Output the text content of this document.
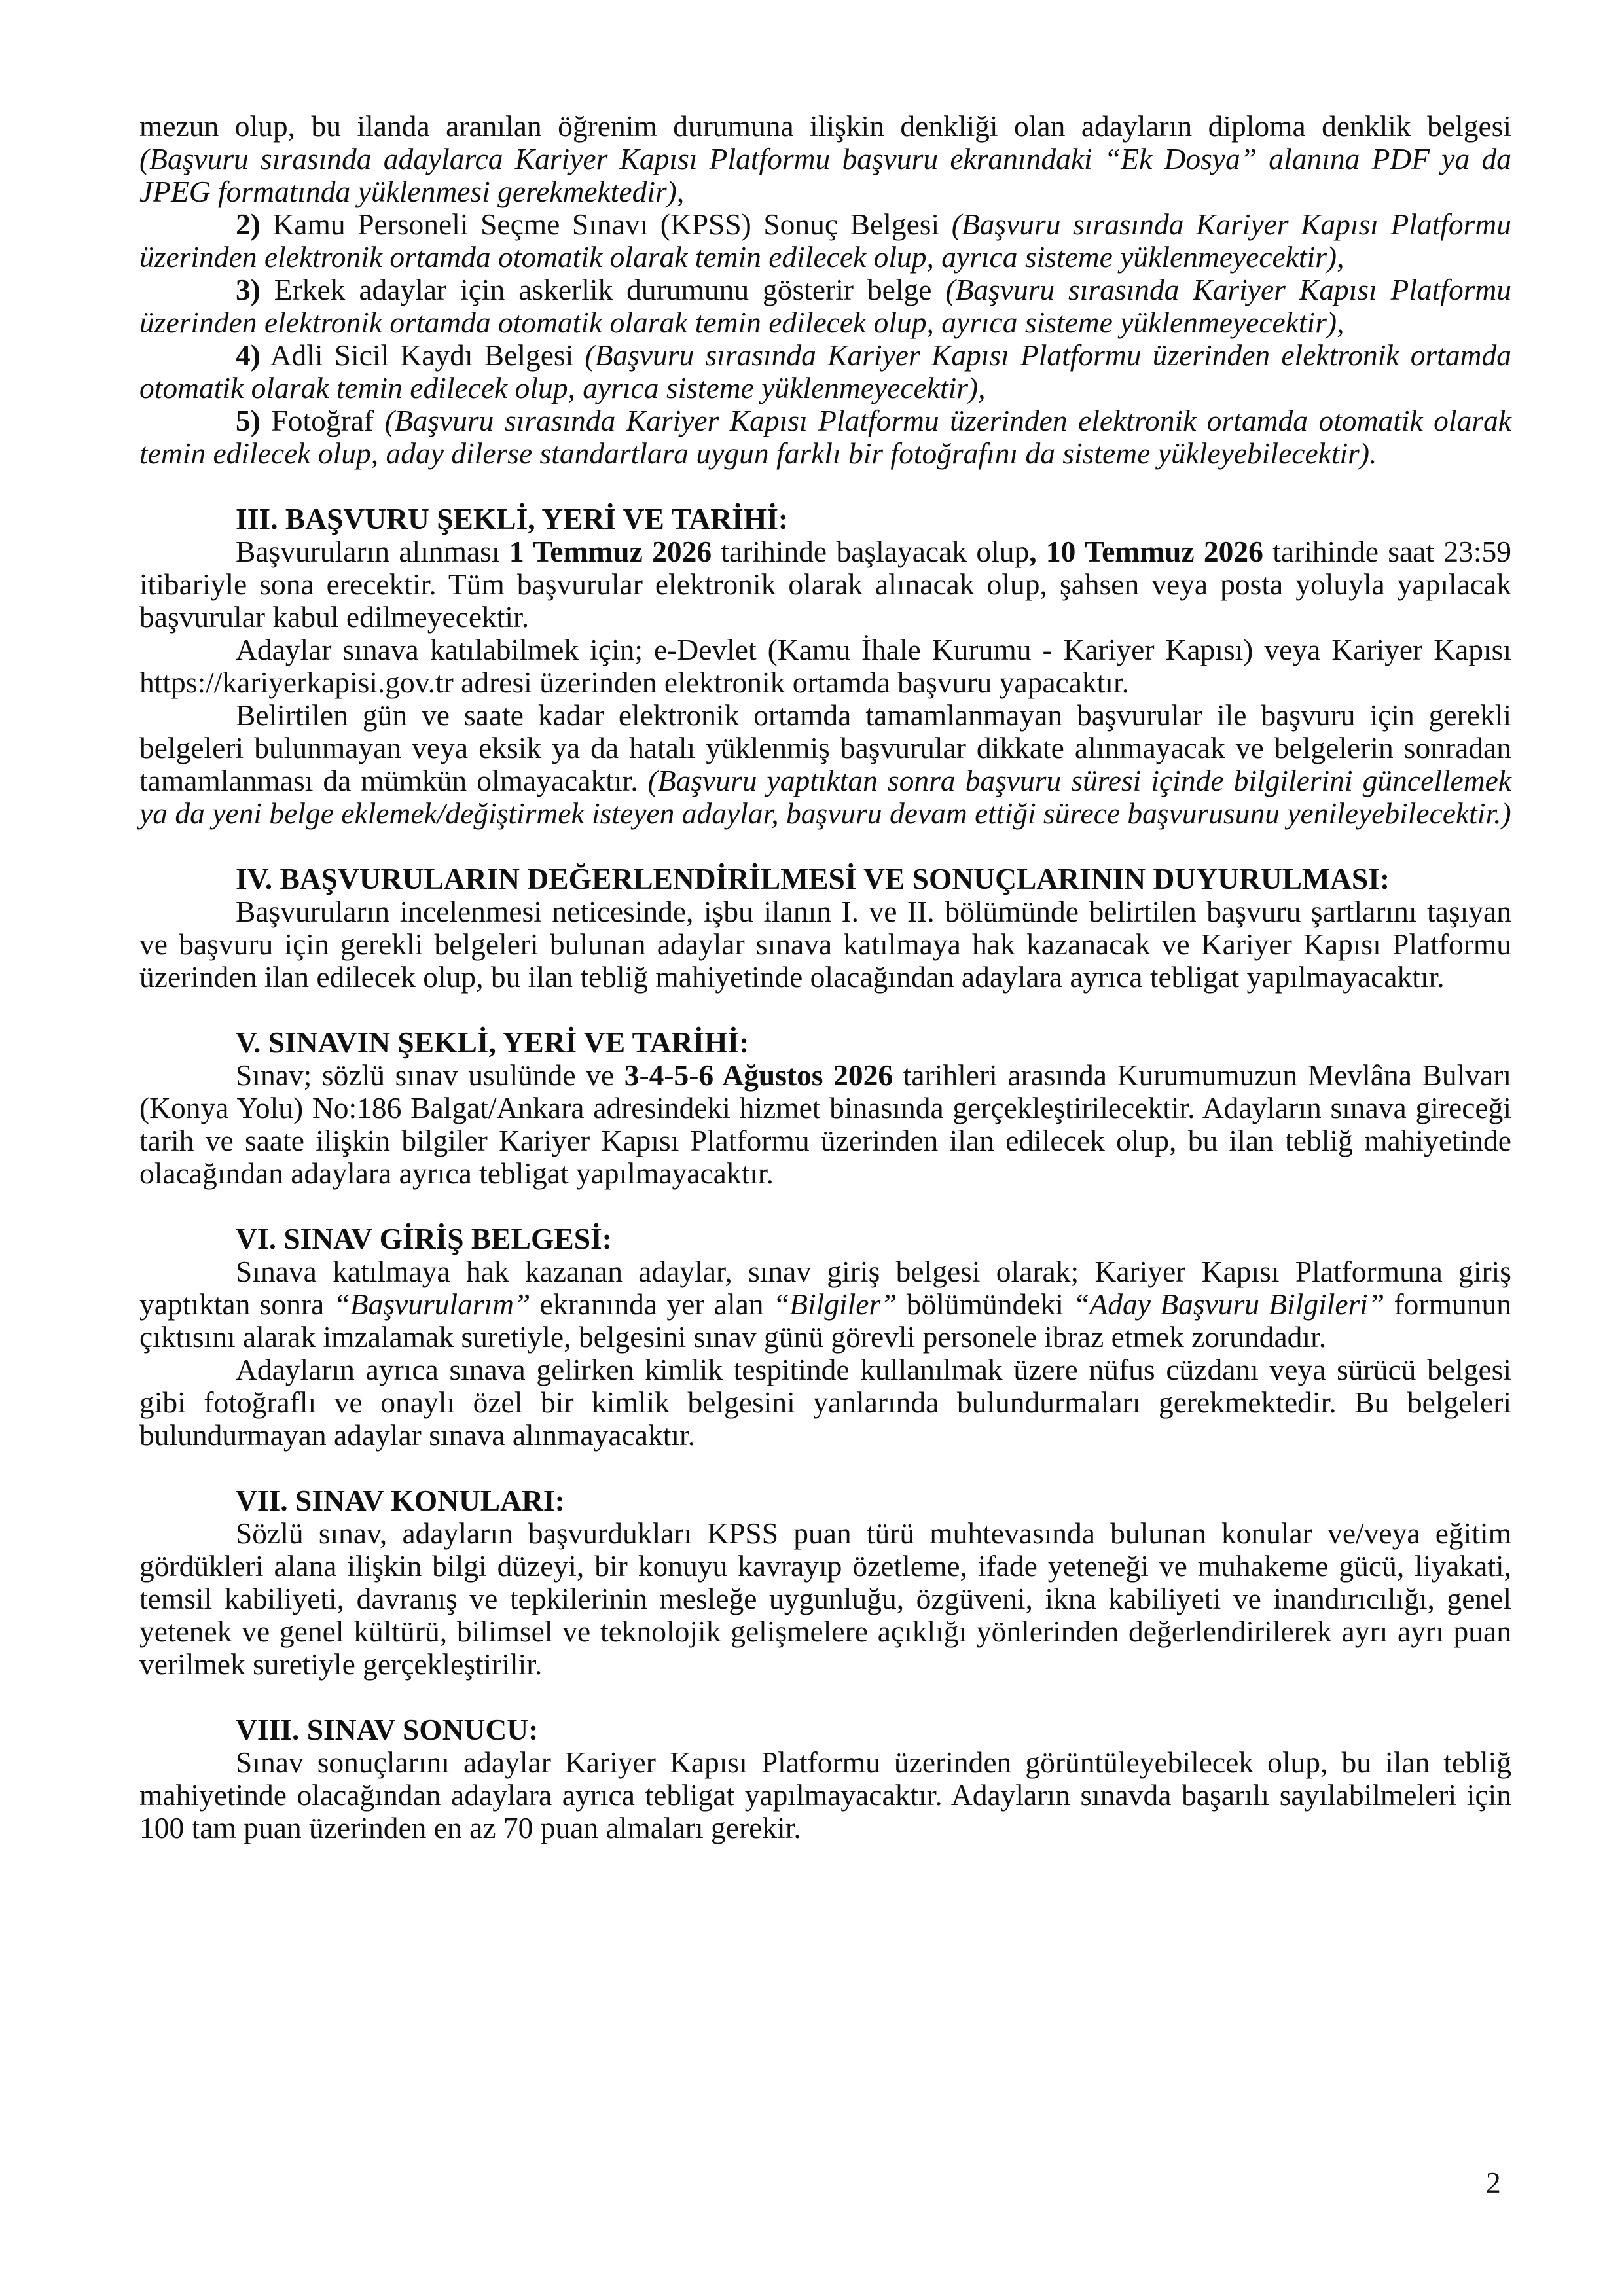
mezun olup, bu ilanda aranılan öğrenim durumuna ilişkin denkliği olan adayların diploma denklik belgesi (Başvuru sırasında adaylarca Kariyer Kapısı Platformu başvuru ekranındaki “Ek Dosya” alanına PDF ya da JPEG formatında yüklenmesi gerekmektedir),

2) Kamu Personeli Seçme Sınavı (KPSS) Sonuç Belgesi (Başvuru sırasında Kariyer Kapısı Platformu üzerinden elektronik ortamda otomatik olarak temin edilecek olup, ayrıca sisteme yüklenmeyecektir),

3) Erkek adaylar için askerlik durumunu gösterir belge (Başvuru sırasında Kariyer Kapısı Platformu üzerinden elektronik ortamda otomatik olarak temin edilecek olup, ayrıca sisteme yüklenmeyecektir),

4) Adli Sicil Kaydı Belgesi (Başvuru sırasında Kariyer Kapısı Platformu üzerinden elektronik ortamda otomatik olarak temin edilecek olup, ayrıca sisteme yüklenmeyecektir),

5) Fotoğraf (Başvuru sırasında Kariyer Kapısı Platformu üzerinden elektronik ortamda otomatik olarak temin edilecek olup, aday dilerse standartlara uygun farklı bir fotoğrafını da sisteme yükleyebilecektir).

III. BAŞVURU ŞEKLİ, YERİ VE TARİHİ:

Başvuruların alınması 1 Temmuz 2026 tarihinde başlayacak olup, 10 Temmuz 2026 tarihinde saat 23:59 itibariyle sona erecektir. Tüm başvurular elektronik olarak alınacak olup, şahsen veya posta yoluyla yapılacak başvurular kabul edilmeyecektir.

Adaylar sınava katılabilmek için; e-Devlet (Kamu İhale Kurumu - Kariyer Kapısı) veya Kariyer Kapısı https://kariyerkapisi.gov.tr adresi üzerinden elektronik ortamda başvuru yapacaktır.

Belirtilen gün ve saate kadar elektronik ortamda tamamlanmayan başvurular ile başvuru için gerekli belgeleri bulunmayan veya eksik ya da hatalı yüklenmiş başvurular dikkate alınmayacak ve belgelerin sonradan tamamlanması da mümkün olmayacaktır. (Başvuru yaptıktan sonra başvuru süresi içinde bilgilerini güncellemek ya da yeni belge eklemek/değiştirmek isteyen adaylar, başvuru devam ettiği sürece başvurusunu yenileyebilecektir.)

IV. BAŞVURULARIN DEĞERLENDİRİLMESİ VE SONUÇLARININ DUYURULMASI:

Başvuruların incelenmesi neticesinde, işbu ilanın I. ve II. bölümünde belirtilen başvuru şartlarını taşıyan ve başvuru için gerekli belgeleri bulunan adaylar sınava katılmaya hak kazanacak ve Kariyer Kapısı Platformu üzerinden ilan edilecek olup, bu ilan tebliğ mahiyetinde olacağından adaylara ayrıca tebligat yapılmayacaktır.

V. SINAVIN ŞEKLİ, YERİ VE TARİHİ:

Sınav; sözlü sınav usulünde ve 3-4-5-6 Ağustos 2026 tarihleri arasında Kurumumuzun Mevlâna Bulvarı (Konya Yolu) No:186 Balgat/Ankara adresindeki hizmet binasında gerçekleştirilecektir. Adayların sınava gireceği tarih ve saate ilişkin bilgiler Kariyer Kapısı Platformu üzerinden ilan edilecek olup, bu ilan tebliğ mahiyetinde olacağından adaylara ayrıca tebligat yapılmayacaktır.

VI. SINAV GİRİŞ BELGESİ:

Sınava katılmaya hak kazanan adaylar, sınav giriş belgesi olarak; Kariyer Kapısı Platformuna giriş yaptıktan sonra “Başvurularım” ekranında yer alan “Bilgiler” bölümündeki “Aday Başvuru Bilgileri” formunun çıktısını alarak imzalamak suretiyle, belgesini sınav günü görevli personele ibraz etmek zorundadır.

Adayların ayrıca sınava gelirken kimlik tespitinde kullanılmak üzere nüfus cüzdanı veya sürücü belgesi gibi fotoğraflı ve onaylı özel bir kimlik belgesini yanlarında bulundurmaları gerekmektedir. Bu belgeleri bulundurmayan adaylar sınava alınmayacaktır.

VII. SINAV KONULARI:

Sözlü sınav, adayların başvurdukları KPSS puan türü muhtevasında bulunan konular ve/veya eğitim gördükleri alana ilişkin bilgi düzeyi, bir konuyu kavrayıp özetleme, ifade yeteneği ve muhakeme gücü, liyakati, temsil kabiliyeti, davranış ve tepkilerinin mesleğe uygunluğu, özgüveni, ikna kabiliyeti ve inandırıcılığı, genel yetenek ve genel kültürü, bilimsel ve teknolojik gelişmelere açıklığı yönlerinden değerlendirilerek ayrı ayrı puan verilmek suretiyle gerçekleştirilir.

VIII. SINAV SONUCU:

Sınav sonuçlarını adaylar Kariyer Kapısı Platformu üzerinden görüntüleyebilecek olup, bu ilan tebliğ mahiyetinde olacağından adaylara ayrıca tebligat yapılmayacaktır. Adayların sınavda başarılı sayılabilmeleri için 100 tam puan üzerinden en az 70 puan almaları gerekir.

2
